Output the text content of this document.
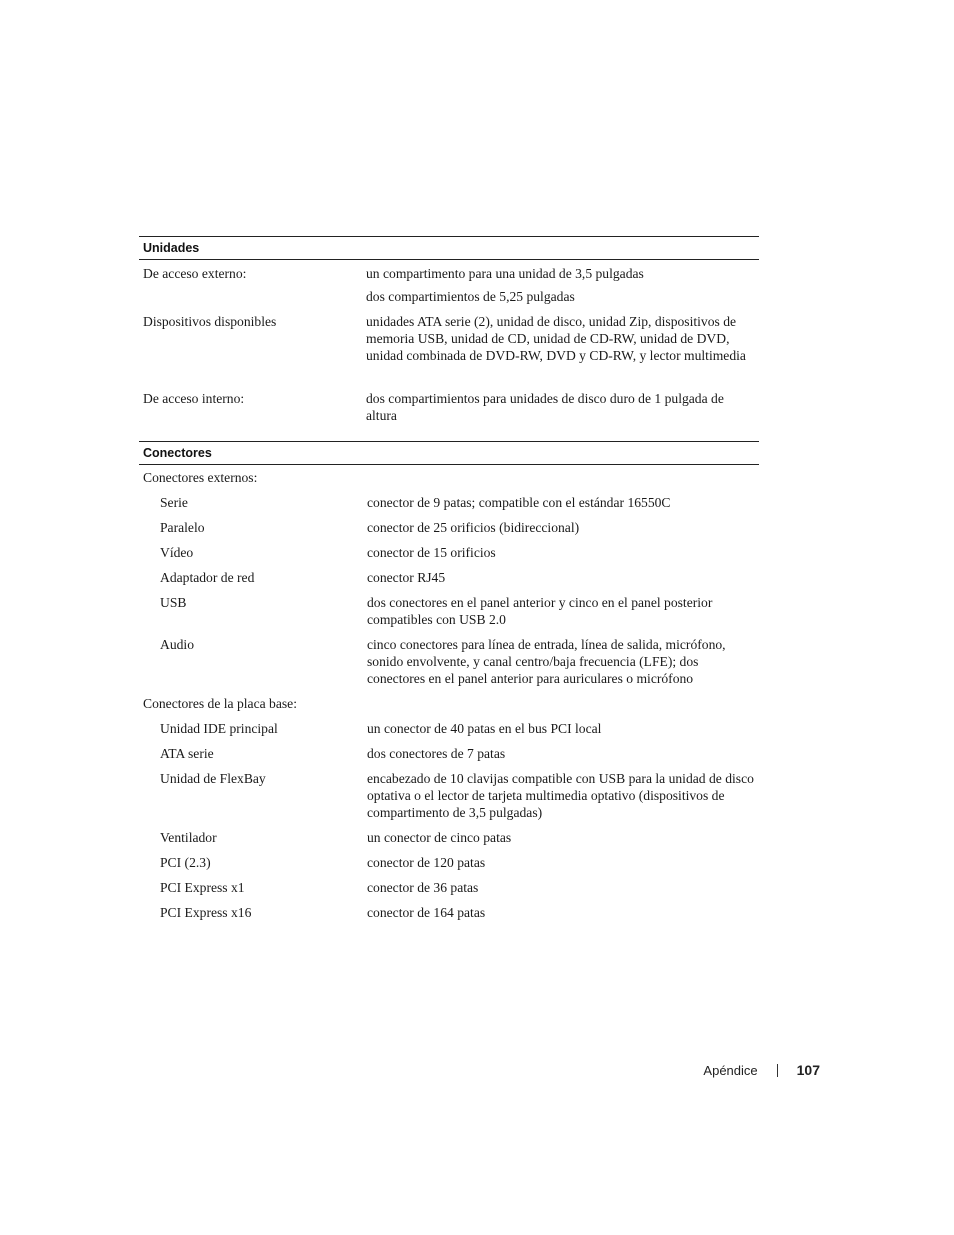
Unidades
De acceso externo:	un compartimento para una unidad de 3,5 pulgadas
dos compartimientos de 5,25 pulgadas
Dispositivos disponibles	unidades ATA serie (2), unidad de disco, unidad Zip, dispositivos de memoria USB, unidad de CD, unidad de CD-RW, unidad de DVD, unidad combinada de DVD-RW, DVD y CD-RW, y lector multimedia
De acceso interno:	dos compartimientos para unidades de disco duro de 1 pulgada de altura
Conectores
Conectores externos:
Serie	conector de 9 patas; compatible con el estándar 16550C
Paralelo	conector de 25 orificios (bidireccional)
Vídeo	conector de 15 orificios
Adaptador de red	conector RJ45
USB	dos conectores en el panel anterior y cinco en el panel posterior compatibles con USB 2.0
Audio	cinco conectores para línea de entrada, línea de salida, micrófono, sonido envolvente, y canal centro/baja frecuencia (LFE); dos conectores en el panel anterior para auriculares o micrófono
Conectores de la placa base:
Unidad IDE principal	un conector de 40 patas en el bus PCI local
ATA serie	dos conectores de 7 patas
Unidad de FlexBay	encabezado de 10 clavijas compatible con USB para la unidad de disco optativa o el lector de tarjeta multimedia optativo (dispositivos de compartimento de 3,5 pulgadas)
Ventilador	un conector de cinco patas
PCI (2.3)	conector de 120 patas
PCI Express x1	conector de 36 patas
PCI Express x16	conector de 164 patas
Apéndice	107
